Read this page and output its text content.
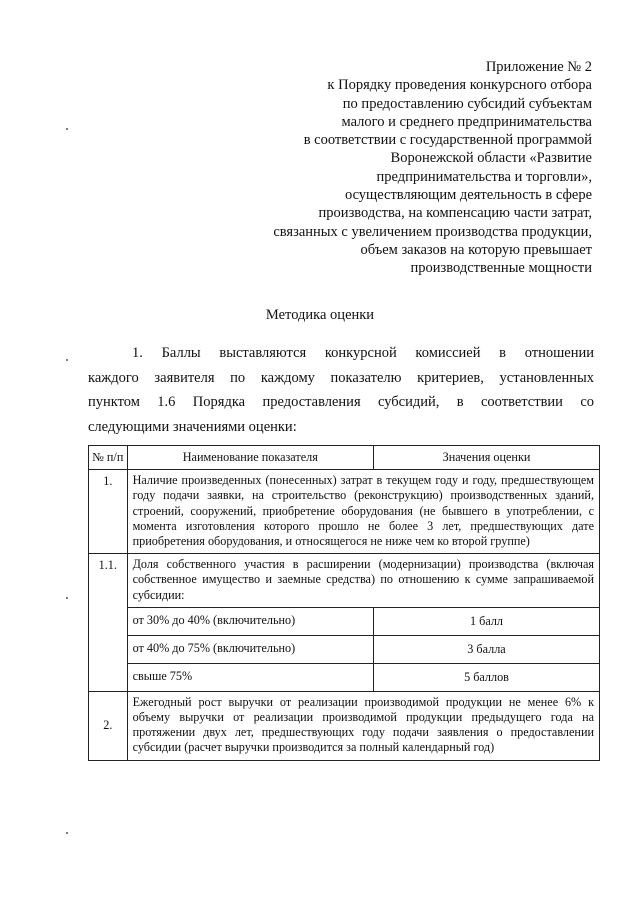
Приложение № 2
к Порядку проведения конкурсного отбора
по предоставлению субсидий субъектам
малого и среднего предпринимательства
в соответствии с государственной программой
Воронежской области «Развитие
предпринимательства и торговли»,
осуществляющим деятельность в сфере
производства, на компенсацию части затрат,
связанных с увеличением производства продукции,
объем заказов на которую превышает
производственные мощности
Методика оценки
1. Баллы выставляются конкурсной комиссией в отношении
каждого заявителя по каждому показателю критериев, установленных
пунктом 1.6 Порядка предоставления субсидий, в соответствии со
следующими значениями оценки:
№ п/п	Наименование показателя	Значения оценки
1.	Наличие произведенных (понесенных) затрат в текущем году и году, предшествующем году подачи заявки, на строительство (реконструкцию) производственных зданий, строений, сооружений, приобретение оборудования (не бывшего в употреблении, с момента изготовления которого прошло не более 3 лет, предшествующих дате приобретения оборудования, и относящегося не ниже чем ко второй группе)	
1.1.	Доля собственного участия в расширении (модернизации) производства (включая собственное имущество и заемные средства) по отношению к сумме запрашиваемой субсидии:	
	от 30% до 40% (включительно)	1 балл
	от 40% до 75% (включительно)	3 балла
	свыше 75%	5 баллов
2.	Ежегодный рост выручки от реализации производимой продукции не менее 6% к объему выручки от реализации производимой продукции предыдущего года на протяжении двух лет, предшествующих году подачи заявления о предоставлении субсидии (расчет выручки производится за полный календарный год)	
